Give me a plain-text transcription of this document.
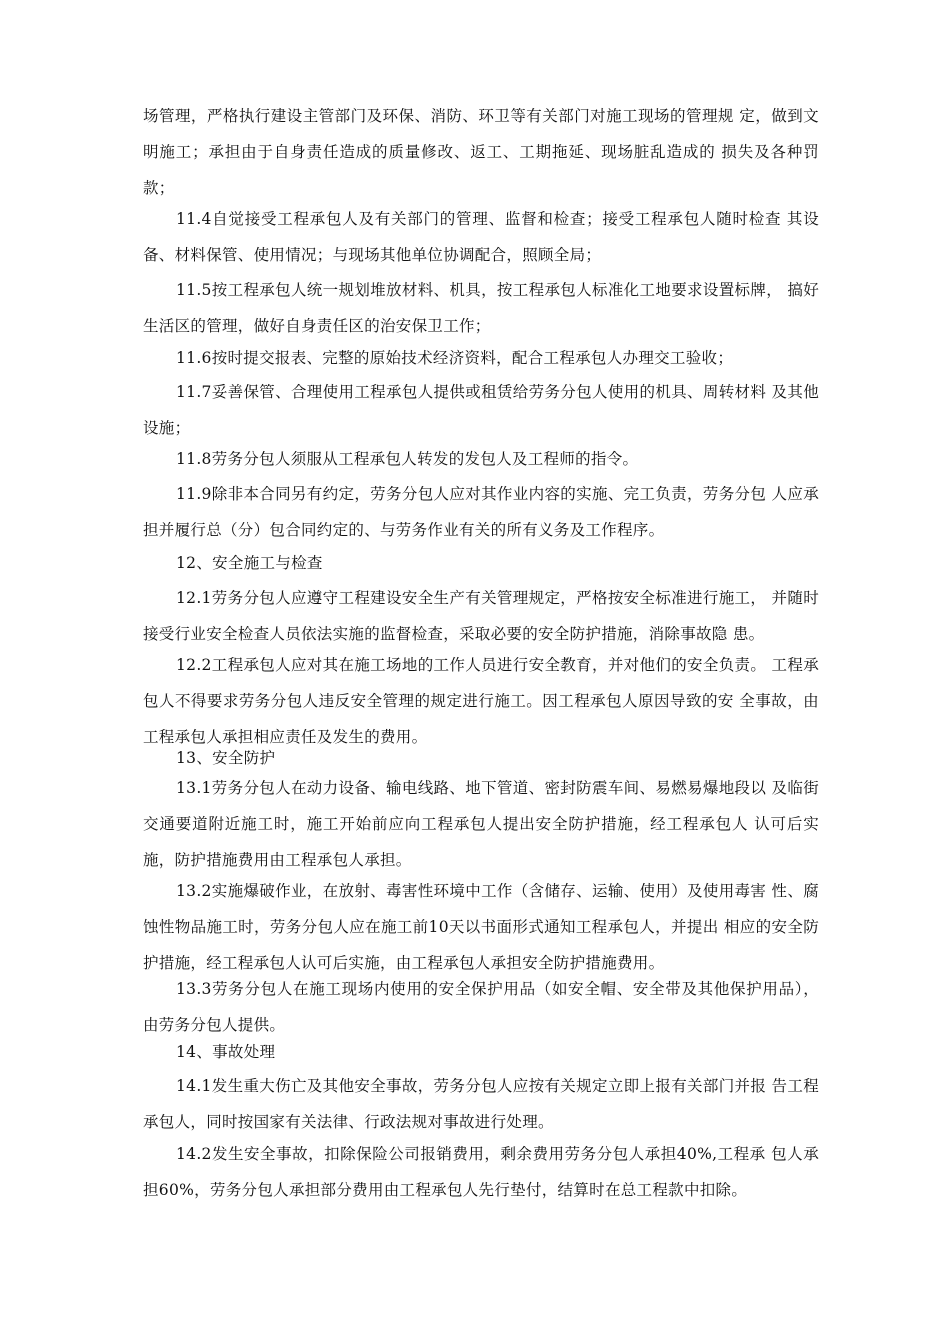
场管理，严格执行建设主管部门及环保、消防、环卫等有关部门对施工现场的管理规 定，做到文明施工；承担由于自身责任造成的质量修改、返工、工期拖延、现场脏乱造成的 损失及各种罚款；

11.4自觉接受工程承包人及有关部门的管理、监督和检查；接受工程承包人随时检查 其设备、材料保管、使用情况；与现场其他单位协调配合，照顾全局；

11.5按工程承包人统一规划堆放材料、机具，按工程承包人标准化工地要求设置标牌， 搞好生活区的管理，做好自身责任区的治安保卫工作；

11.6按时提交报表、完整的原始技术经济资料，配合工程承包人办理交工验收；

11.7妥善保管、合理使用工程承包人提供或租赁给劳务分包人使用的机具、周转材料 及其他设施；

11.8劳务分包人须服从工程承包人转发的发包人及工程师的指令。

11.9除非本合同另有约定，劳务分包人应对其作业内容的实施、完工负责，劳务分包 人应承担并履行总（分）包合同约定的、与劳务作业有关的所有义务及工作程序。

12、安全施工与检查

12.1劳务分包人应遵守工程建设安全生产有关管理规定，严格按安全标准进行施工， 并随时接受行业安全检查人员依法实施的监督检查，采取必要的安全防护措施，消除事故隐 患。

12.2工程承包人应对其在施工场地的工作人员进行安全教育，并对他们的安全负责。 工程承包人不得要求劳务分包人违反安全管理的规定进行施工。因工程承包人原因导致的安 全事故，由工程承包人承担相应责任及发生的费用。

13、安全防护

13.1劳务分包人在动力设备、输电线路、地下管道、密封防震车间、易燃易爆地段以 及临街交通要道附近施工时，施工开始前应向工程承包人提出安全防护措施，经工程承包人 认可后实施，防护措施费用由工程承包人承担。

13.2实施爆破作业，在放射、毒害性环境中工作（含储存、运输、使用）及使用毒害 性、腐蚀性物品施工时，劳务分包人应在施工前10天以书面形式通知工程承包人，并提出 相应的安全防护措施，经工程承包人认可后实施，由工程承包人承担安全防护措施费用。

13.3劳务分包人在施工现场内使用的安全保护用品（如安全帽、安全带及其他保护用品），由劳务分包人提供。

14、事故处理

14.1发生重大伤亡及其他安全事故，劳务分包人应按有关规定立即上报有关部门并报 告工程承包人，同时按国家有关法律、行政法规对事故进行处理。

14.2发生安全事故，扣除保险公司报销费用，剩余费用劳务分包人承担40%,工程承 包人承担60%，劳务分包人承担部分费用由工程承包人先行垫付，结算时在总工程款中扣除。
